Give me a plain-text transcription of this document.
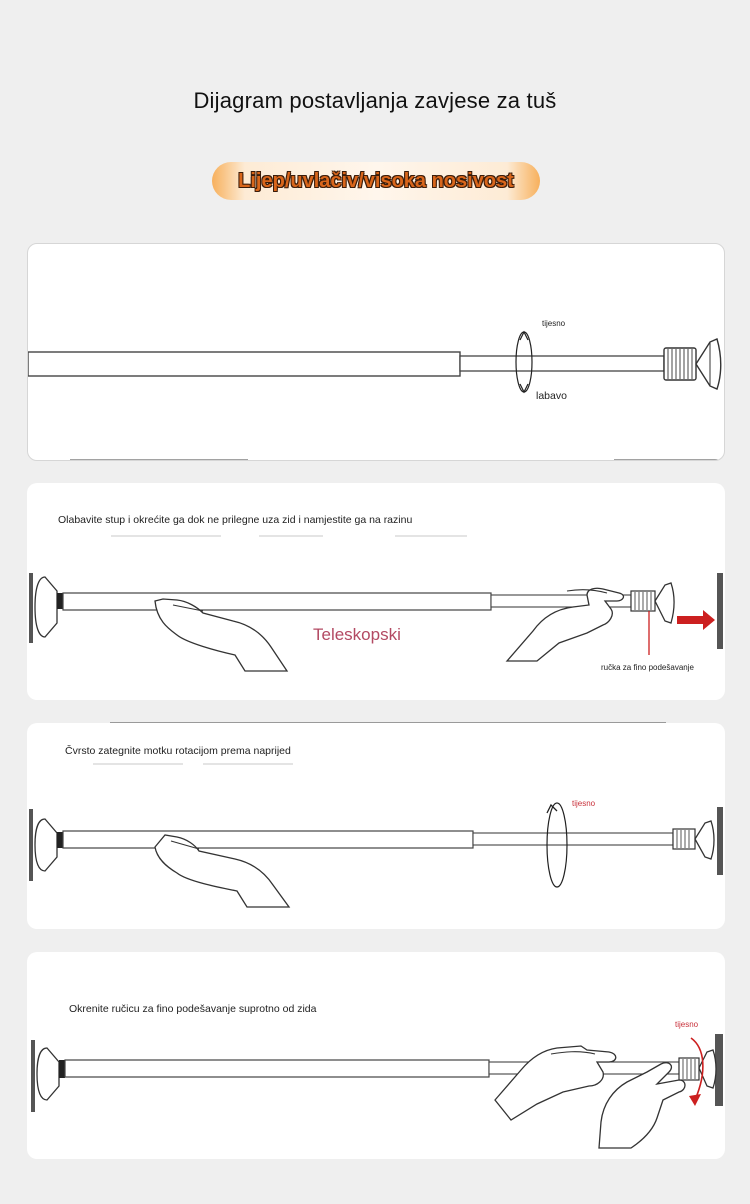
Dijagram postavljanja zavjese za tuš
Lijep/uvlačiv/visoka nosivost
tijesno
labavo
Olabavite stup i okrećite ga dok ne prilegne uza zid i namjestite ga na razinu
Teleskopski
ručka za fino podešavanje
Čvrsto zategnite motku rotacijom prema naprijed
tijesno
Okrenite ručicu za fino podešavanje suprotno od zida
tijesno
